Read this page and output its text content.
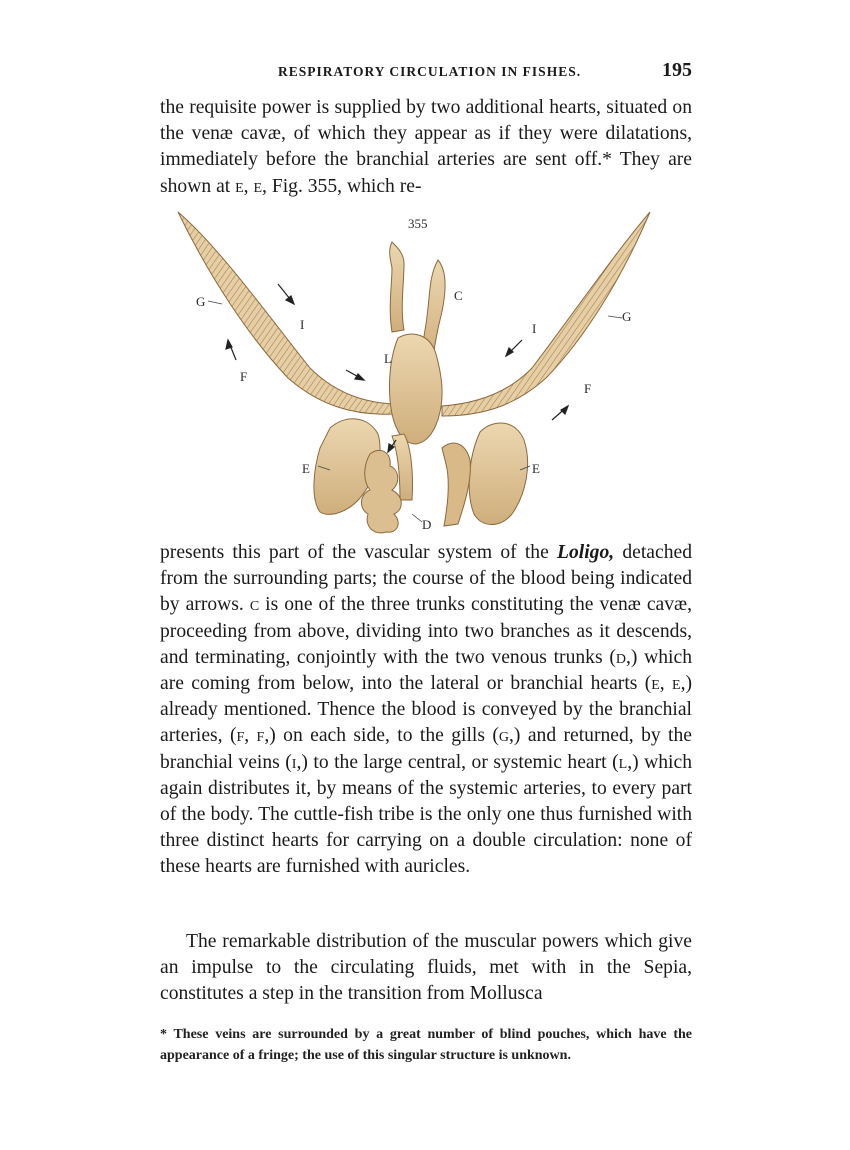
RESPIRATORY CIRCULATION IN FISHES.	195

the requisite power is supplied by two additional hearts, situated on the venæ cavæ, of which they appear as if they were dilatations, immediately before the branchial arteries are sent off.* They are shown at e, e, Fig. 355, which re-

355
C
G
G
I	I
L
F
F
E	E
D

presents this part of the vascular system of the Loligo, detached from the surrounding parts; the course of the blood being indicated by arrows. c is one of the three trunks constituting the venæ cavæ, proceeding from above, dividing into two branches as it descends, and terminating, conjointly with the two venous trunks (d,) which are coming from below, into the lateral or branchial hearts (e, e,) already mentioned. Thence the blood is conveyed by the branchial arteries, (f, f,) on each side, to the gills (g,) and returned, by the branchial veins (i,) to the large central, or systemic heart (l,) which again distributes it, by means of the systemic arteries, to every part of the body. The cuttle-fish tribe is the only one thus furnished with three distinct hearts for carrying on a double circulation: none of these hearts are furnished with auricles.

The remarkable distribution of the muscular powers which give an impulse to the circulating fluids, met with in the Sepia, constitutes a step in the transition from Mollusca

* These veins are surrounded by a great number of blind pouches, which have the appearance of a fringe; the use of this singular structure is unknown.
